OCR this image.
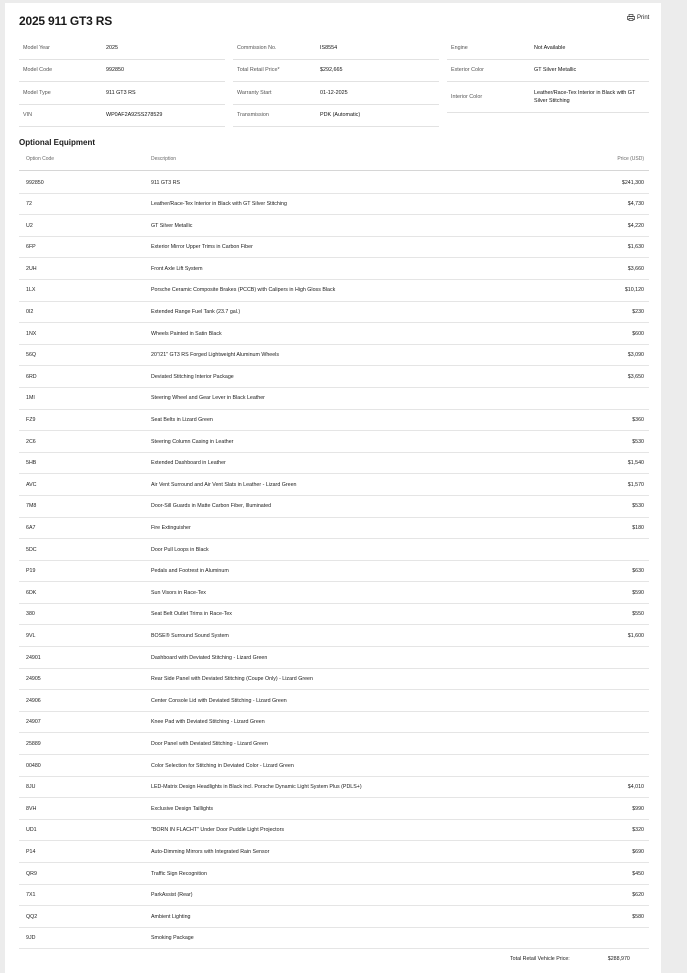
2025 911 GT3 RS	Print
Model Year	2025
Model Code	992850
Model Type	911 GT3 RS
VIN	WP0AF2A92SS278529
Commission No.	IS8554
Total Retail Price*	$292,665
Warranty Start	01-12-2025
Transmission	PDK (Automatic)
Engine	Not Available
Exterior Color	GT Silver Metallic
Interior Color
Leather/Race-Tex Interior in Black with GT Silver Stitching
Optional Equipment
Option Code	Description	Price (USD)
992850	911 GT3 RS	$241,300
72	Leather/Race-Tex Interior in Black with GT Silver Stitching	$4,730
U2	GT Silver Metallic	$4,220
6FP	Exterior Mirror Upper Trims in Carbon Fiber	$1,630
2UH	Front Axle Lift System	$3,660
1LX	Porsche Ceramic Composite Brakes (PCCB) with Calipers in High Gloss Black	$10,120
0I2	Extended Range Fuel Tank (23.7 gal.)	$230
1NX	Wheels Painted in Satin Black	$600
56Q	20"/21" GT3 RS Forged Lightweight Aluminum Wheels	$3,090
6RD	Deviated Stitching Interior Package	$3,650
1MI	Steering Wheel and Gear Lever in Black Leather
FZ9	Seat Belts in Lizard Green	$360
2C6	Steering Column Casing in Leather	$530
5HB	Extended Dashboard in Leather	$1,540
AVC	Air Vent Surround and Air Vent Slats in Leather - Lizard Green	$1,570
7M8	Door-Sill Guards in Matte Carbon Fiber, Illuminated	$530
6A7	Fire Extinguisher	$180
5DC	Door Pull Loops in Black
P19	Pedals and Footrest in Aluminum	$630
6DK	Sun Visors in Race-Tex	$590
380	Seat Belt Outlet Trims in Race-Tex	$550
9VL	BOSE® Surround Sound System	$1,600
24901	Dashboard with Deviated Stitching - Lizard Green
24905	Rear Side Panel with Deviated Stitching (Coupe Only) - Lizard Green
24906	Center Console Lid with Deviated Stitching - Lizard Green
24907	Knee Pad with Deviated Stitching - Lizard Green
25889	Door Panel with Deviated Stitching - Lizard Green
00480	Color Selection for Stitching in Deviated Color - Lizard Green
8JU	LED-Matrix Design Headlights in Black incl. Porsche Dynamic Light System Plus (PDLS+)	$4,010
8VH	Exclusive Design Taillights	$990
UD1	"BORN IN FLACHT" Under Door Puddle Light Projectors	$320
P14	Auto-Dimming Mirrors with Integrated Rain Sensor	$690
QR9	Traffic Sign Recognition	$450
7X1	ParkAssist (Rear)	$620
QQ2	Ambient Lighting	$580
9JD	Smoking Package
Total Retail Vehicle Price:	$288,970
